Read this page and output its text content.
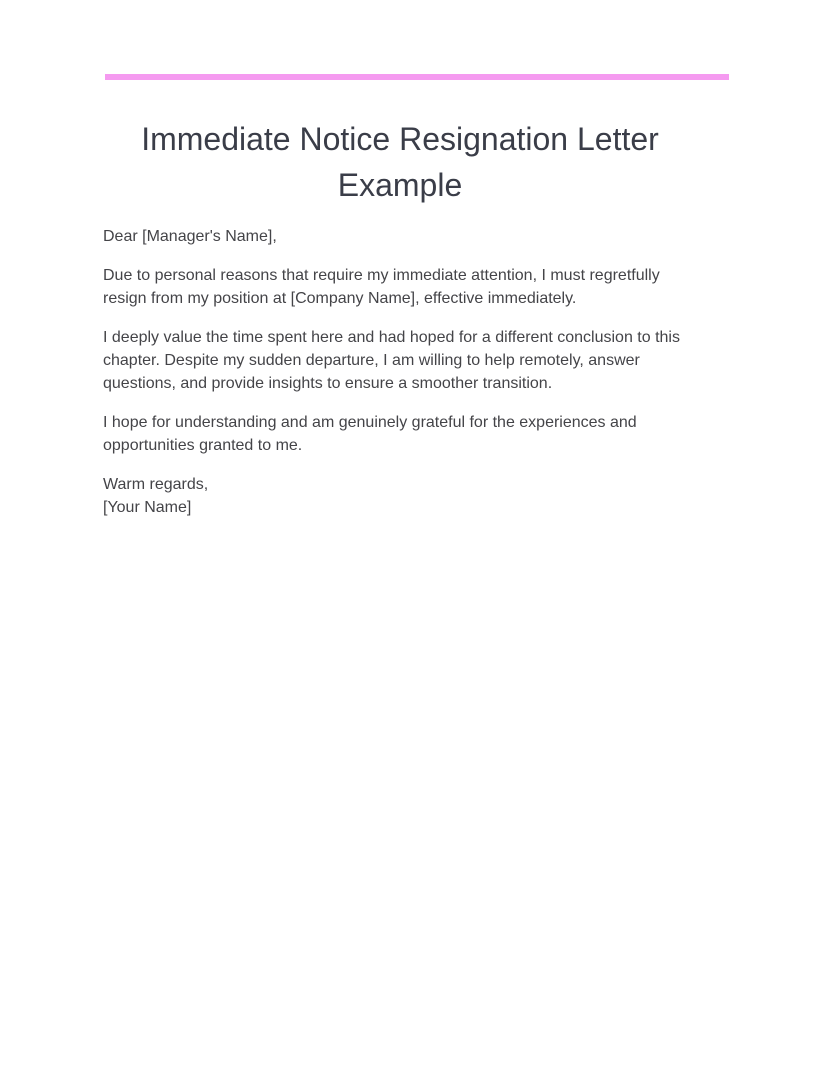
Immediate Notice Resignation Letter Example

Dear [Manager's Name],

Due to personal reasons that require my immediate attention, I must regretfully resign from my position at [Company Name], effective immediately.

I deeply value the time spent here and had hoped for a different conclusion to this chapter. Despite my sudden departure, I am willing to help remotely, answer questions, and provide insights to ensure a smoother transition.

I hope for understanding and am genuinely grateful for the experiences and opportunities granted to me.

Warm regards,
[Your Name]
